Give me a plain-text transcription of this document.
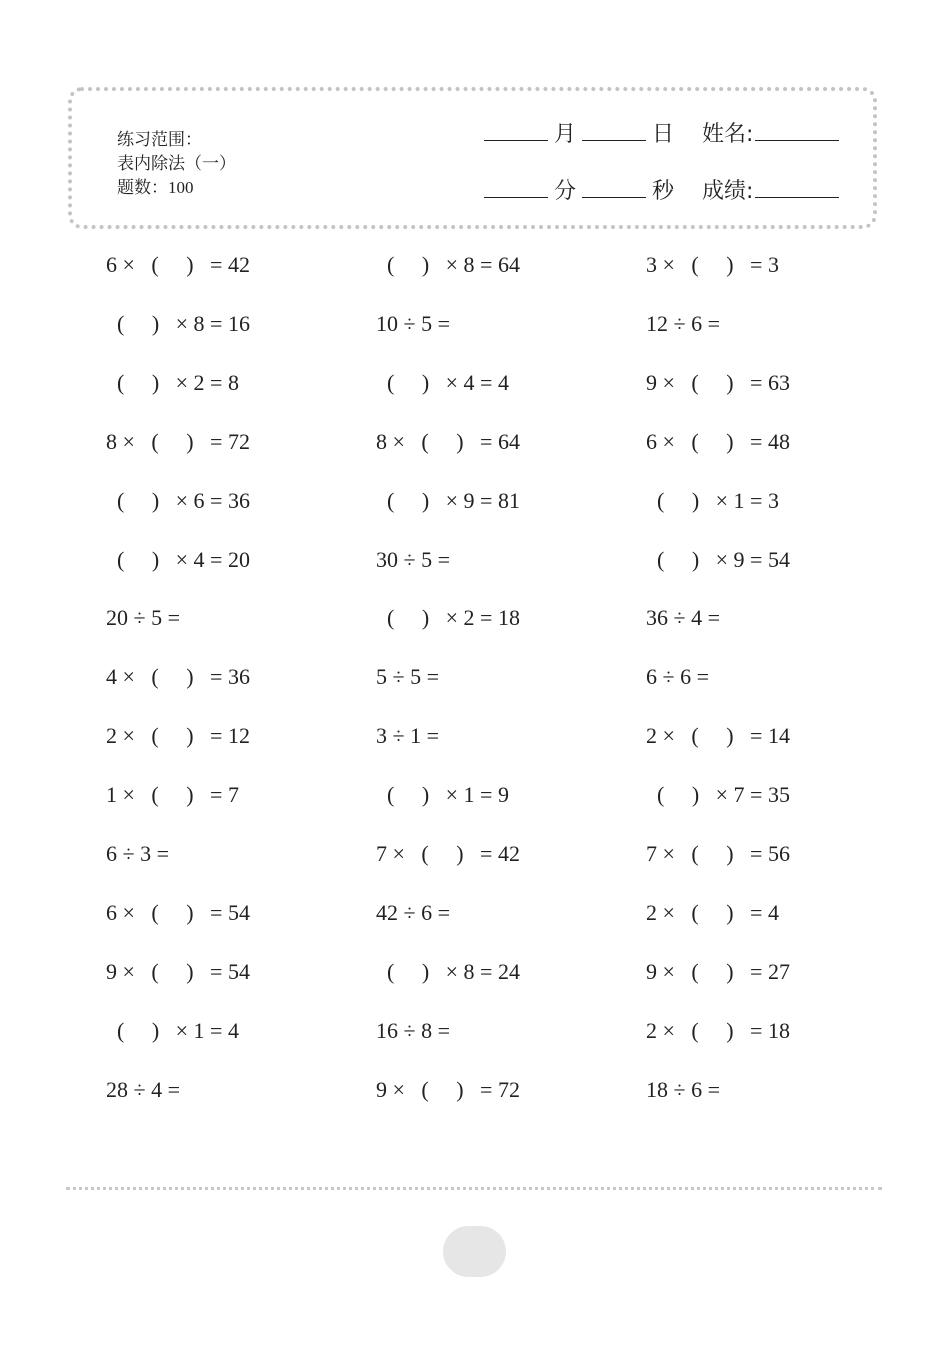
练习范围：
表内除法（一）
题数：100
月	日 姓名:
分	秒 成绩:
6 ×   (     )   = 42	(     )   × 8 = 64	3 ×   (     )   = 3
(     )   × 8 = 16	10 ÷ 5 =	12 ÷ 6 =
(     )   × 2 = 8	(     )   × 4 = 4	9 ×   (     )   = 63
8 ×   (     )   = 72	8 ×   (     )   = 64	6 ×   (     )   = 48
(     )   × 6 = 36	(     )   × 9 = 81	(     )   × 1 = 3
(     )   × 4 = 20	30 ÷ 5 =	(     )   × 9 = 54
20 ÷ 5 =	(     )   × 2 = 18	36 ÷ 4 =
4 ×   (     )   = 36	5 ÷ 5 =	6 ÷ 6 =
2 ×   (     )   = 12	3 ÷ 1 =	2 ×   (     )   = 14
1 ×   (     )   = 7	(     )   × 1 = 9	(     )   × 7 = 35
6 ÷ 3 =	7 ×   (     )   = 42	7 ×   (     )   = 56
6 ×   (     )   = 54	42 ÷ 6 =	2 ×   (     )   = 4
9 ×   (     )   = 54	(     )   × 8 = 24	9 ×   (     )   = 27
(     )   × 1 = 4	16 ÷ 8 =	2 ×   (     )   = 18
28 ÷ 4 =	9 ×   (     )   = 72	18 ÷ 6 =
